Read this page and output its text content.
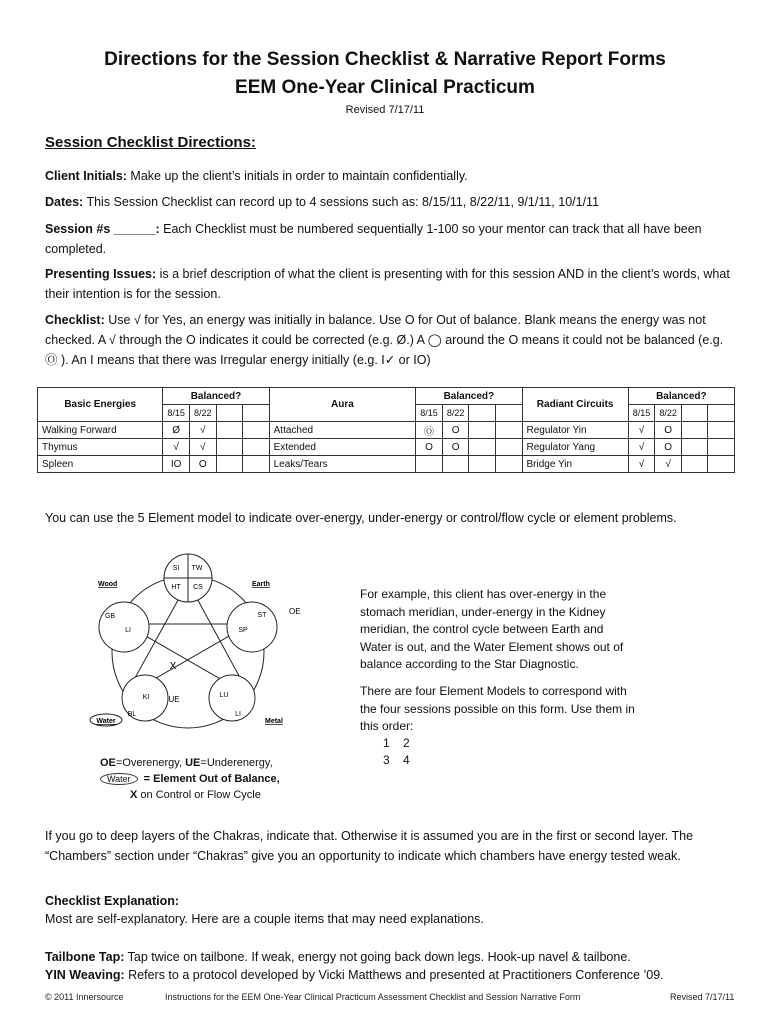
Directions for the Session Checklist & Narrative Report Forms
EEM One-Year Clinical Practicum
Revised 7/17/11
Session Checklist Directions:
Client Initials: Make up the client’s initials in order to maintain confidentially.
Dates: This Session Checklist can record up to 4 sessions such as: 8/15/11, 8/22/11, 9/1/11, 10/1/11
Session #s ______: Each Checklist must be numbered sequentially 1-100 so your mentor can track that all have been completed.
Presenting Issues: is a brief description of what the client is presenting with for this session AND in the client’s words, what their intention is for the session.
Checklist: Use √ for Yes, an energy was initially in balance. Use O for Out of balance. Blank means the energy was not checked. A √ through the O indicates it could be corrected (e.g. Ø.) A ◯ around the O means it could not be balanced (e.g. Ⓞ ). An I means that there was Irregular energy initially (e.g. I✓ or IO)
Basic Energies	Balanced?				Aura	Balanced?				Radiant Circuits	Balanced?			
	8/15	8/22				8/15	8/22				8/15	8/22		
Walking Forward	Ø	√			Attached	Ⓞ	O			Regulator Yin	√	O		
Thymus	√	√			Extended	O	O			Regulator Yang	√	O		
Spleen	IO	O			Leaks/Tears					Bridge Yin	√	√		
You can use the 5 Element model to indicate over-energy, under-energy or control/flow cycle or element problems.
SI TW
HT CS
GB
LI
Wood
ST
SP
Earth
OE
KI
BL
UE
Water
LU
LI
Metal
X
OE=Overenergy, UE=Underenergy,
Water = Element Out of Balance,
X on Control or Flow Cycle
For example, this client has over-energy in the stomach meridian, under-energy in the Kidney meridian, the control cycle between Earth and Water is out, and the Water Element shows out of balance according to the Star Diagnostic.
There are four Element Models to correspond with the four sessions possible on this form. Use them in this order:
1    2
3    4
If you go to deep layers of the Chakras, indicate that. Otherwise it is assumed you are in the first or second layer. The “Chambers” section under “Chakras” give you an opportunity to indicate which chambers have energy tested weak.
Checklist Explanation:
Most are self-explanatory. Here are a couple items that may need explanations.
Tailbone Tap: Tap twice on tailbone. If weak, energy not going back down legs. Hook-up navel & tailbone.
YIN Weaving: Refers to a protocol developed by Vicki Matthews and presented at Practitioners Conference ’09.
© 2011 Innersource	Instructions for the EEM One-Year Clinical Practicum Assessment Checklist and Session Narrative Form	Revised 7/17/11
